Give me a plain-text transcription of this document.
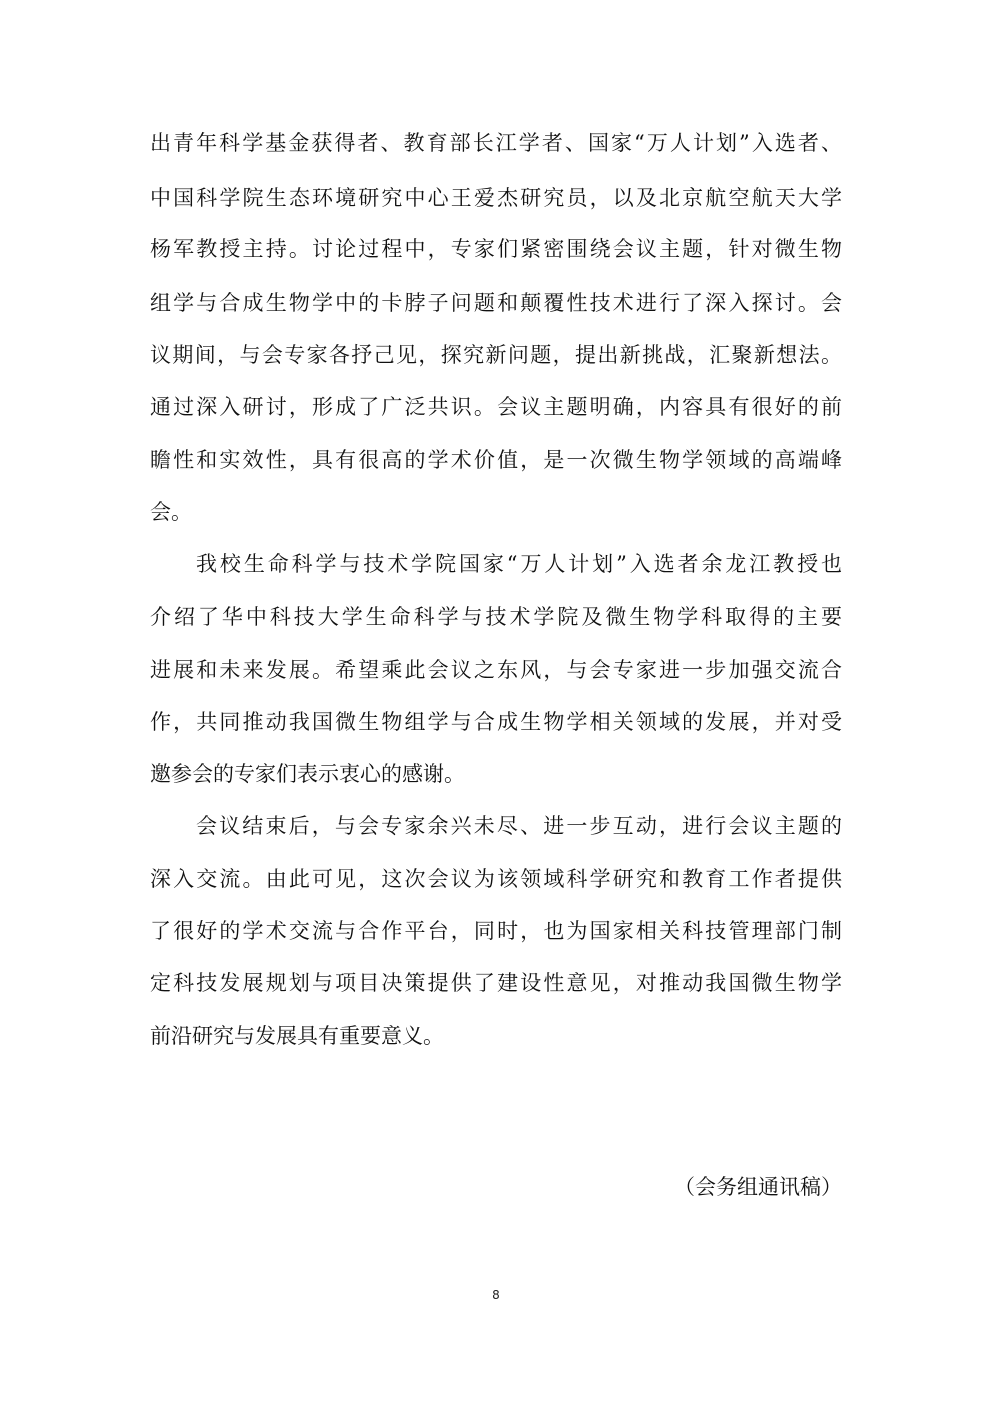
出青年科学基金获得者、教育部长江学者、国家“万人计划”入选者、
中国科学院生态环境研究中心王爱杰研究员，以及北京航空航天大学
杨军教授主持。讨论过程中，专家们紧密围绕会议主题，针对微生物
组学与合成生物学中的卡脖子问题和颠覆性技术进行了深入探讨。会
议期间，与会专家各抒己见，探究新问题，提出新挑战，汇聚新想法。
通过深入研讨，形成了广泛共识。会议主题明确，内容具有很好的前
瞻性和实效性，具有很高的学术价值，是一次微生物学领域的高端峰
会。
我校生命科学与技术学院国家“万人计划”入选者余龙江教授也
介绍了华中科技大学生命科学与技术学院及微生物学科取得的主要
进展和未来发展。希望乘此会议之东风，与会专家进一步加强交流合
作，共同推动我国微生物组学与合成生物学相关领域的发展，并对受
邀参会的专家们表示衷心的感谢。
会议结束后，与会专家余兴未尽、进一步互动，进行会议主题的
深入交流。由此可见，这次会议为该领域科学研究和教育工作者提供
了很好的学术交流与合作平台，同时，也为国家相关科技管理部门制
定科技发展规划与项目决策提供了建设性意见，对推动我国微生物学
前沿研究与发展具有重要意义。
（会务组通讯稿）
8
